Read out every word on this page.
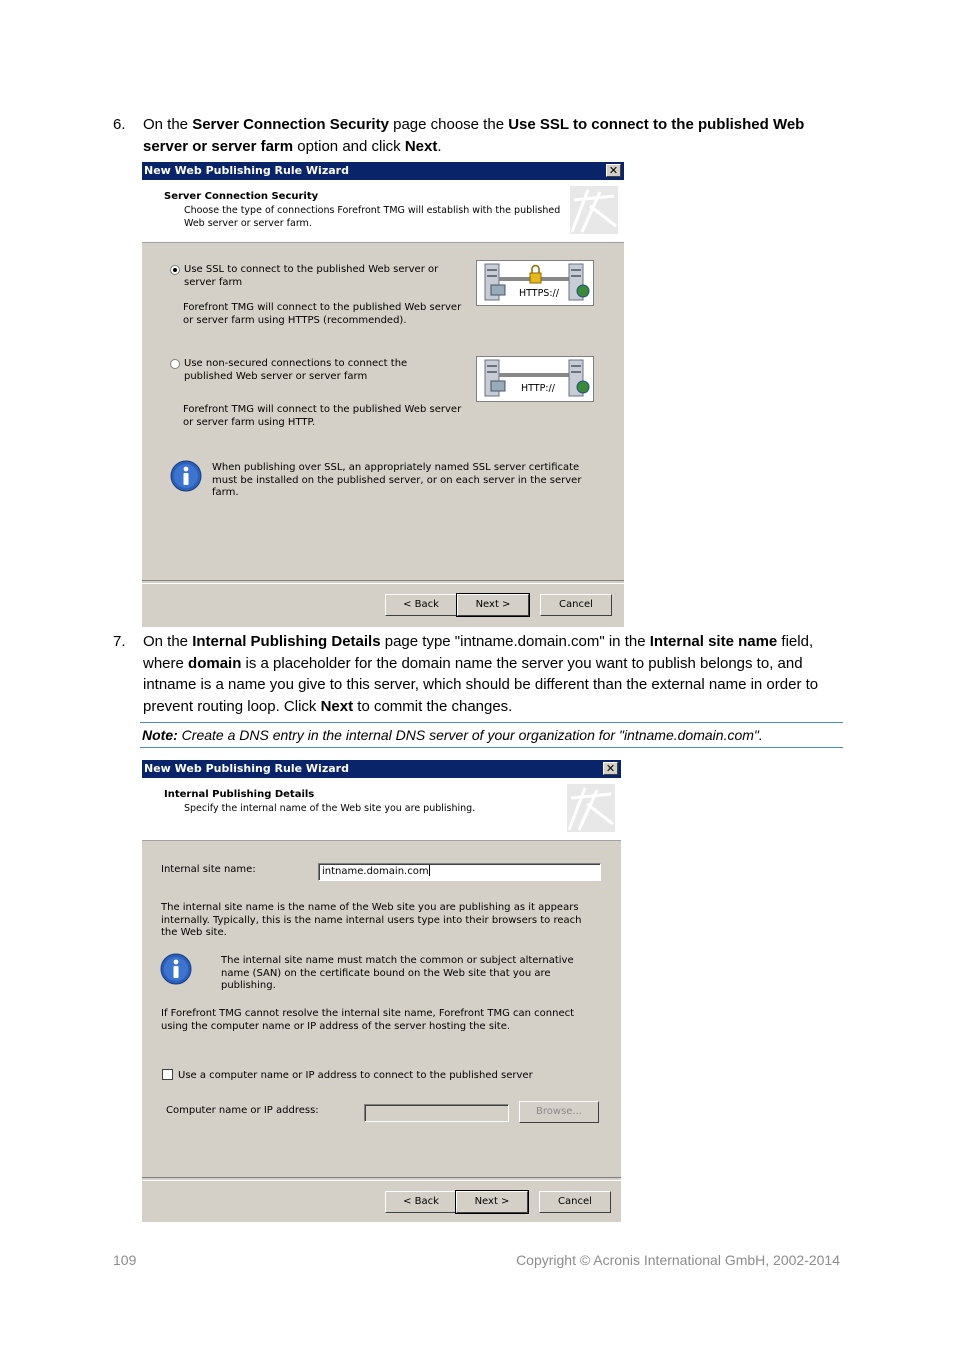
6. On the Server Connection Security page choose the Use SSL to connect to the published Web server or server farm option and click Next.
New Web Publishing Rule Wizard	✕
Server Connection Security
Choose the type of connections Forefront TMG will establish with the published Web server or server farm.
Use SSL to connect to the published Web server or server farm
Forefront TMG will connect to the published Web server or server farm using HTTPS (recommended).
HTTPS://
Use non-secured connections to connect the published Web server or server farm
Forefront TMG will connect to the published Web server or server farm using HTTP.
HTTP://
When publishing over SSL, an appropriately named SSL server certificate must be installed on the published server, or on each server in the server farm.
< Back	Next >	Cancel
7. On the Internal Publishing Details page type "intname.domain.com" in the Internal site name field, where domain is a placeholder for the domain name the server you want to publish belongs to, and intname is a name you give to this server, which should be different than the external name in order to prevent routing loop. Click Next to commit the changes.
Note: Create a DNS entry in the internal DNS server of your organization for "intname.domain.com".
New Web Publishing Rule Wizard	✕
Internal Publishing Details
Specify the internal name of the Web site you are publishing.
Internal site name:	intname.domain.com
The internal site name is the name of the Web site you are publishing as it appears internally. Typically, this is the name internal users type into their browsers to reach the Web site.
The internal site name must match the common or subject alternative name (SAN) on the certificate bound on the Web site that you are publishing.
If Forefront TMG cannot resolve the internal site name, Forefront TMG can connect using the computer name or IP address of the server hosting the site.
Use a computer name or IP address to connect to the published server
Computer name or IP address:	Browse...
< Back	Next >	Cancel
109	Copyright © Acronis International GmbH, 2002-2014
